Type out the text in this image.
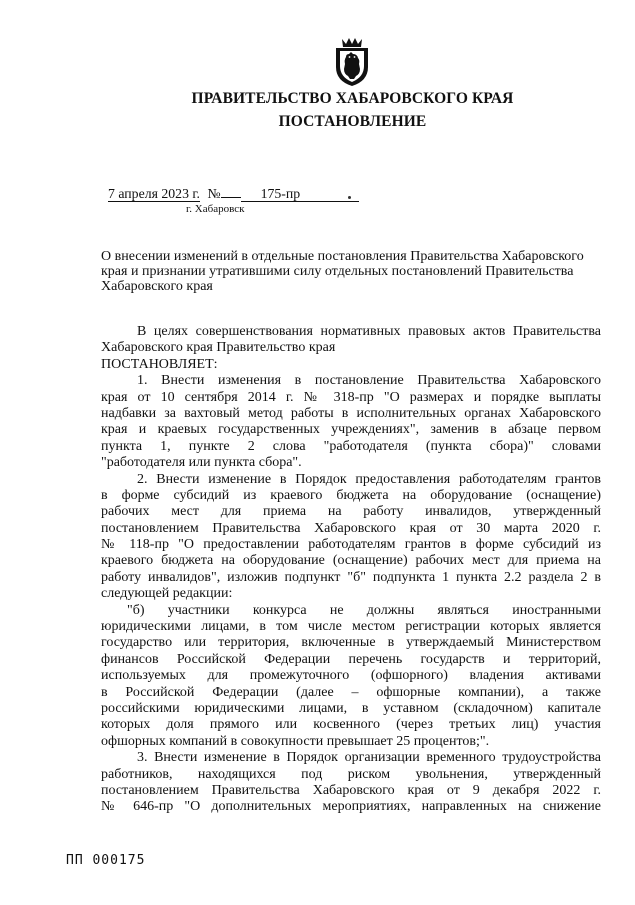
ПРАВИТЕЛЬСТВО ХАБАРОВСКОГО КРАЯ
ПОСТАНОВЛЕНИЕ
7 апреля 2023 г. №	175-пр
г. Хабаровск

О внесении изменений в отдельные постановления Правительства Хабаровского края и признании утратившими силу отдельных постановлений Правительства Хабаровского края

В целях совершенствования нормативных правовых актов Правительства
Хабаровского края Правительство края
ПОСТАНОВЛЯЕТ:
1. Внести изменения в постановление Правительства Хабаровского
края от 10 сентября 2014 г. № 318-пр "О размерах и порядке выплаты
надбавки за вахтовый метод работы в исполнительных органах Хабаровского
края и краевых государственных учреждениях", заменив в абзаце первом
пункта 1, пункте 2 слова "работодателя (пункта сбора)" словами
"работодателя или пункта сбора".
2. Внести изменение в Порядок предоставления работодателям грантов
в форме субсидий из краевого бюджета на оборудование (оснащение)
рабочих мест для приема на работу инвалидов, утвержденный
постановлением Правительства Хабаровского края от 30 марта 2020 г.
№ 118-пр "О предоставлении работодателям грантов в форме субсидий из
краевого бюджета на оборудование (оснащение) рабочих мест для приема на
работу инвалидов", изложив подпункт "б" подпункта 1 пункта 2.2 раздела 2 в
следующей редакции:
"б) участники конкурса не должны являться иностранными
юридическими лицами, в том числе местом регистрации которых является
государство или территория, включенные в утверждаемый Министерством
финансов Российской Федерации перечень государств и территорий,
используемых для промежуточного (офшорного) владения активами
в Российской Федерации (далее – офшорные компании), а также
российскими юридическими лицами, в уставном (складочном) капитале
которых доля прямого или косвенного (через третьих лиц) участия
офшорных компаний в совокупности превышает 25 процентов;".
3. Внести изменение в Порядок организации временного трудоустройства
работников, находящихся под риском увольнения, утвержденный
постановлением Правительства Хабаровского края от 9 декабря 2022 г.
№ 646-пр "О дополнительных мероприятиях, направленных на снижение
ПП 000175
